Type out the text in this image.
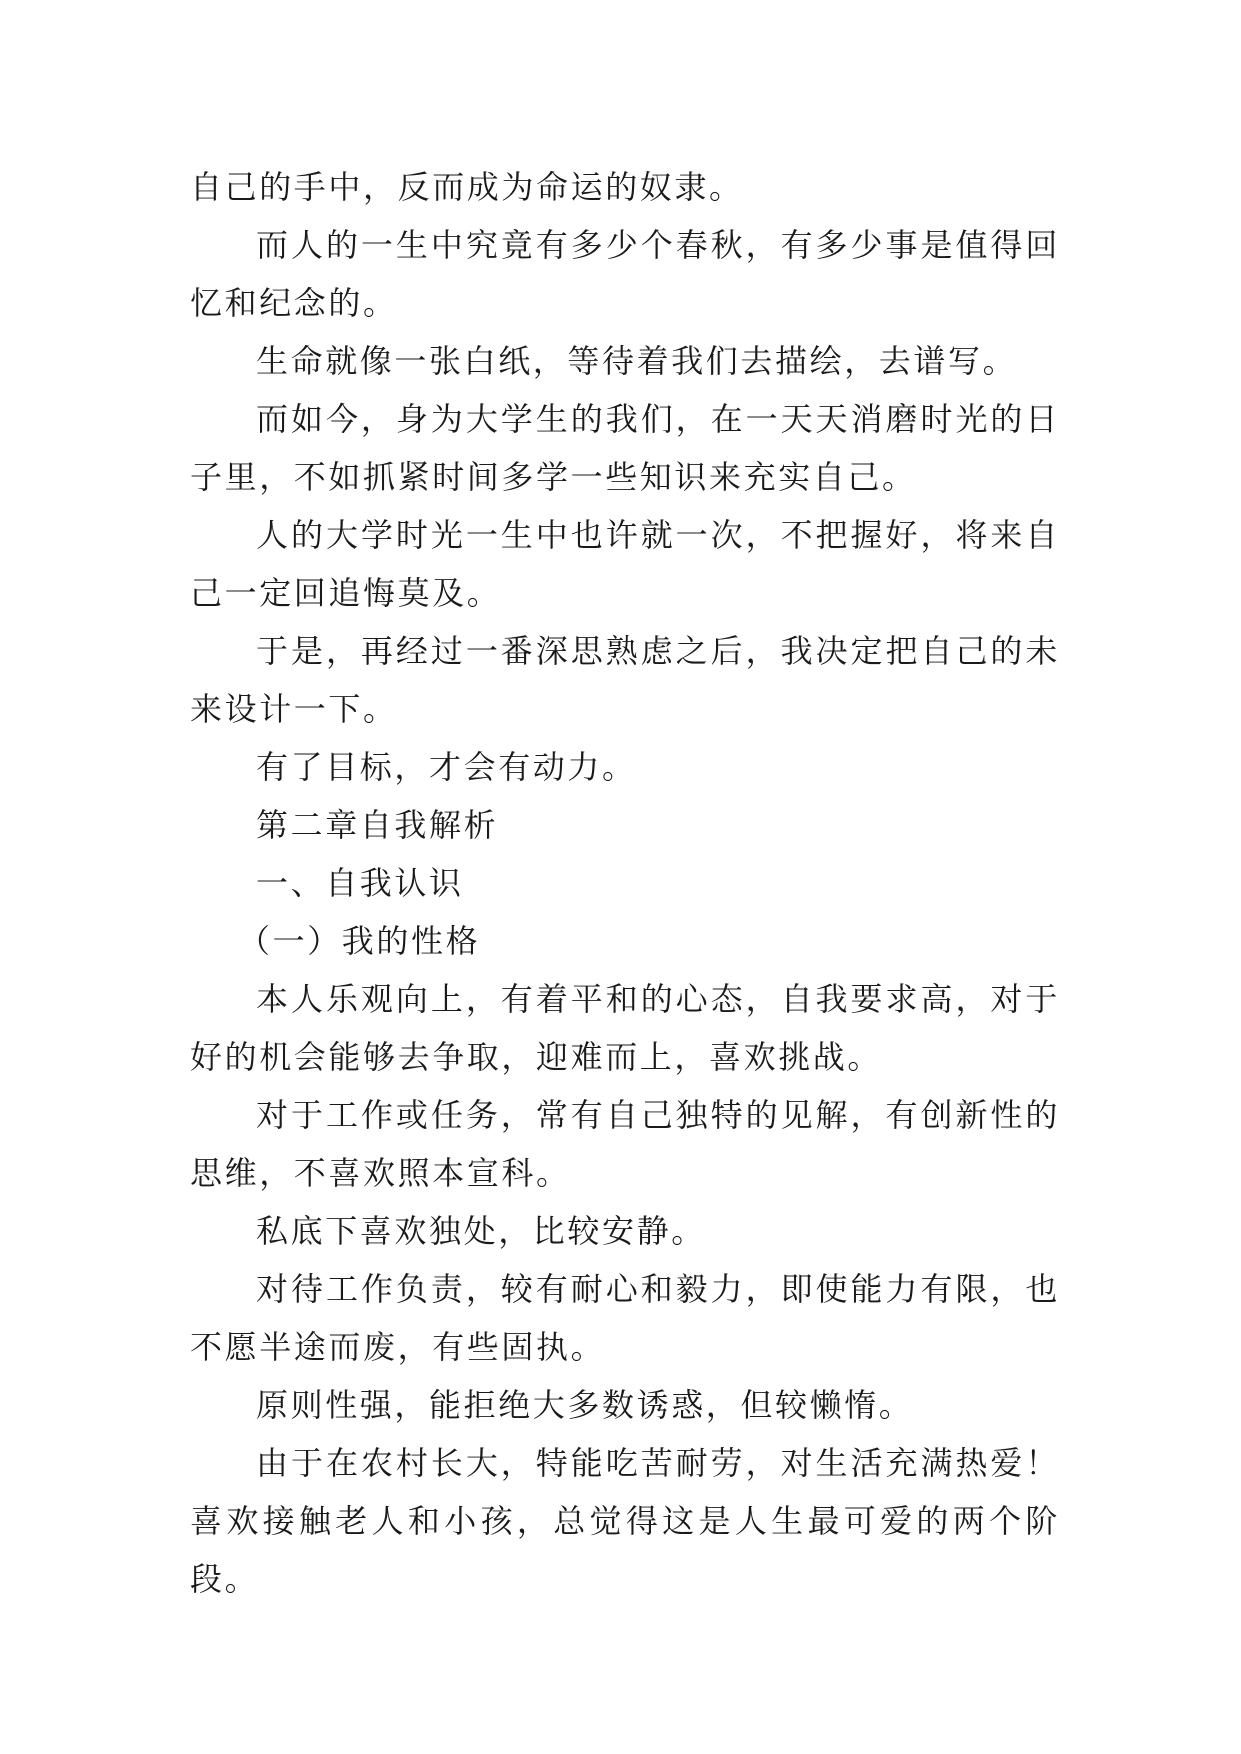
自己的手中，反而成为命运的奴隶。

而人的一生中究竟有多少个春秋，有多少事是值得回忆和纪念的。

生命就像一张白纸，等待着我们去描绘，去谱写。

而如今，身为大学生的我们，在一天天消磨时光的日子里，不如抓紧时间多学一些知识来充实自己。

人的大学时光一生中也许就一次，不把握好，将来自己一定回追悔莫及。

于是，再经过一番深思熟虑之后，我决定把自己的未来设计一下。

有了目标，才会有动力。

第二章自我解析

一、自我认识

（一）我的性格

本人乐观向上，有着平和的心态，自我要求高，对于好的机会能够去争取，迎难而上，喜欢挑战。

对于工作或任务，常有自己独特的见解，有创新性的思维，不喜欢照本宣科。

私底下喜欢独处，比较安静。

对待工作负责，较有耐心和毅力，即使能力有限，也不愿半途而废，有些固执。

原则性强，能拒绝大多数诱惑，但较懒惰。

由于在农村长大，特能吃苦耐劳，对生活充满热爱！喜欢接触老人和小孩，总觉得这是人生最可爱的两个阶段。
